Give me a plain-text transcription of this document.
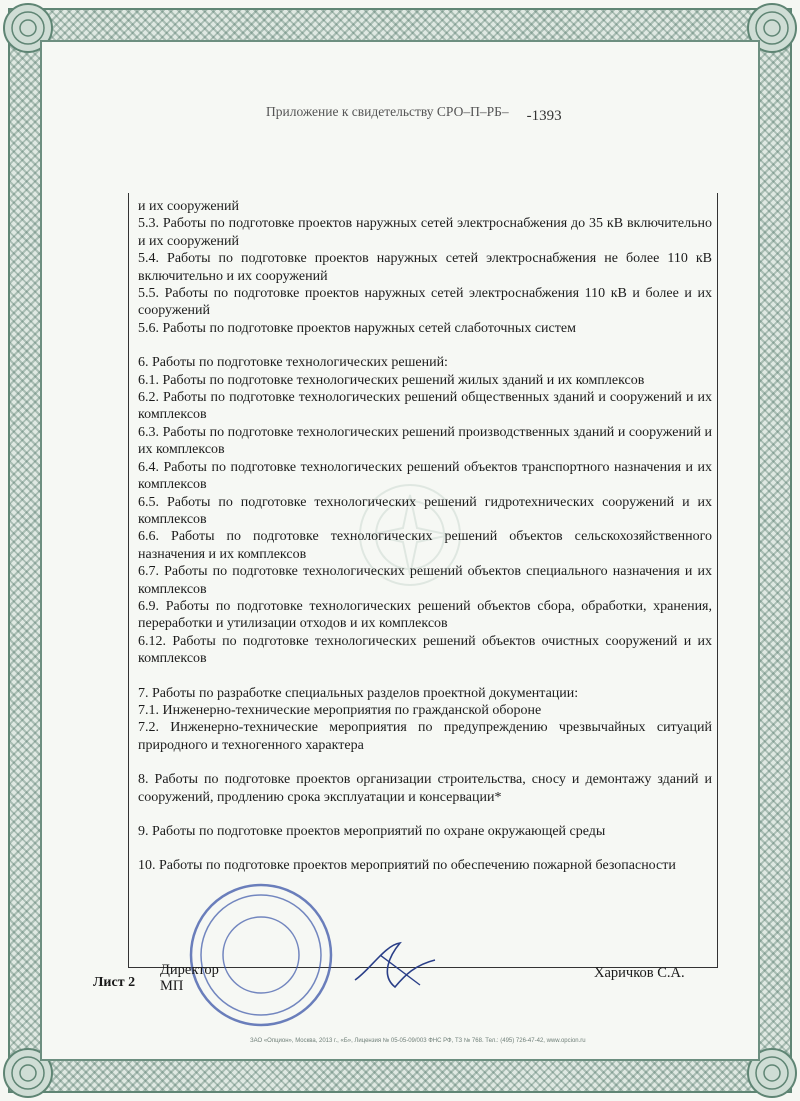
Приложение к свидетельству СРО–П–РБ– -1393

и их сооружений

5.3. Работы по подготовке проектов наружных сетей электроснабжения до 35 кВ включительно и их сооружений

5.4. Работы по подготовке проектов наружных сетей электроснабжения не более 110 кВ включительно и их сооружений

5.5. Работы по подготовке проектов наружных сетей электроснабжения 110 кВ и более и их сооружений

5.6. Работы по подготовке проектов наружных сетей слаботочных систем

6. Работы по подготовке технологических решений:

6.1. Работы по подготовке технологических решений жилых зданий и их комплексов

6.2. Работы по подготовке технологических решений общественных зданий и сооружений и их комплексов

6.3. Работы по подготовке технологических решений производственных зданий и сооружений и их комплексов

6.4. Работы по подготовке технологических решений объектов транспортного назначения и их комплексов

6.5. Работы по подготовке технологических решений гидротехнических сооружений и их комплексов

6.6. Работы по подготовке технологических решений объектов сельскохозяйственного назначения и их комплексов

6.7. Работы по подготовке технологических решений объектов специального назначения и их комплексов

6.9. Работы по подготовке технологических решений объектов сбора, обработки, хранения, переработки и утилизации отходов и их комплексов

6.12. Работы по подготовке технологических решений объектов очистных сооружений и их комплексов

7. Работы по разработке специальных разделов проектной документации:

7.1. Инженерно-технические мероприятия по гражданской обороне

7.2. Инженерно-технические мероприятия по предупреждению чрезвычайных ситуаций природного и техногенного характера

8. Работы по подготовке проектов организации строительства, сносу и демонтажу зданий и сооружений, продлению срока эксплуатации и консервации*

9. Работы по подготовке проектов мероприятий по охране окружающей среды

10. Работы по подготовке проектов мероприятий по обеспечению пожарной безопасности

Лист 2
Директор
МП
Харичков С.А.
ЗАО «Опцион», Москва, 2013 г., «Б», Лицензия № 05-05-09/003 ФНС РФ, ТЗ № 768. Тел.: (495) 726-47-42, www.opcion.ru
